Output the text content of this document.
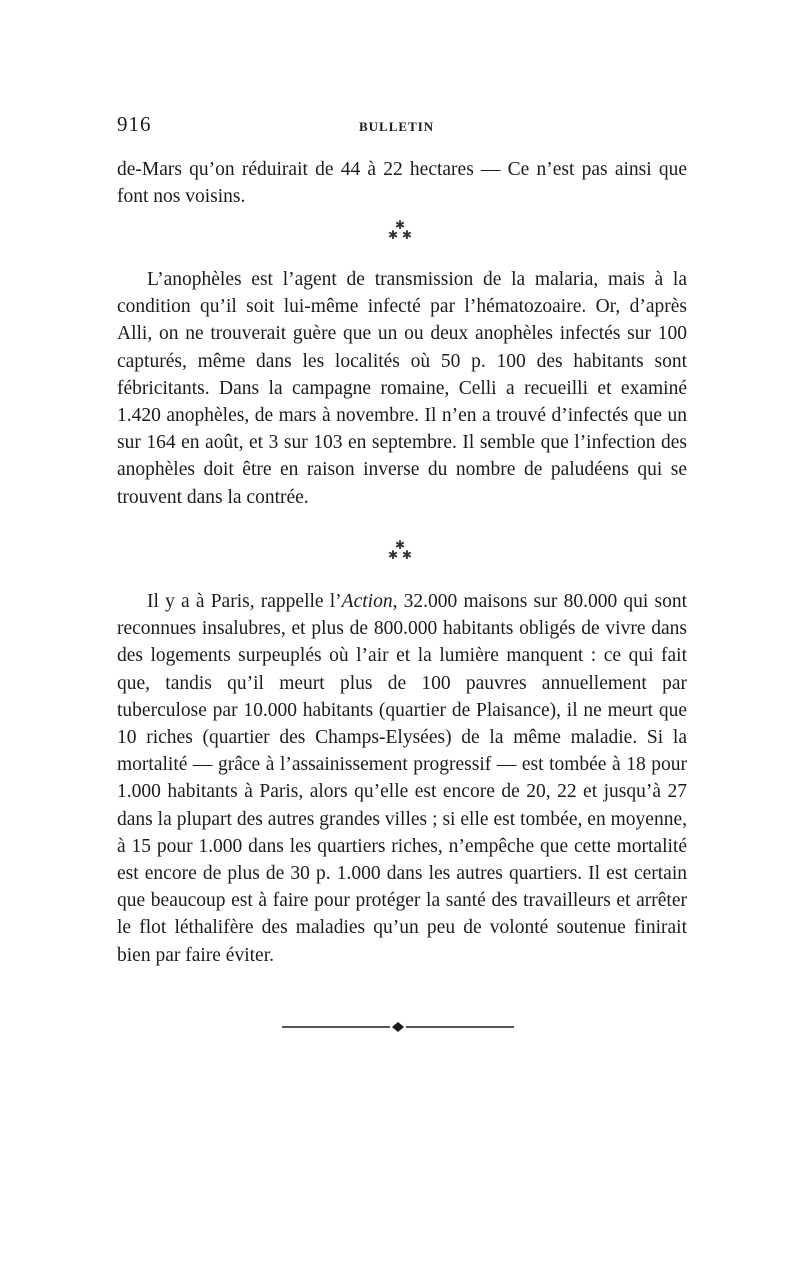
916	BULLETIN

de-Mars qu’on réduirait de 44 à 22 hectares — Ce n’est pas ainsi que font nos voisins.

✱
✱ ✱

L’anophèles est l’agent de transmission de la malaria, mais à la condition qu’il soit lui-même infecté par l’hématozoaire. Or, d’après Alli, on ne trouverait guère que un ou deux anophèles infectés sur 100 capturés, même dans les localités où 50 p. 100 des habitants sont fébricitants. Dans la campagne romaine, Celli a recueilli et examiné 1.420 anophèles, de mars à novembre. Il n’en a trouvé d’infectés que un sur 164 en août, et 3 sur 103 en septembre. Il semble que l’infection des anophèles doit être en raison inverse du nombre de paludéens qui se trouvent dans la contrée.

✱
✱ ✱

Il y a à Paris, rappelle l’Action, 32.000 maisons sur 80.000 qui sont reconnues insalubres, et plus de 800.000 habitants obligés de vivre dans des logements surpeuplés où l’air et la lumière manquent : ce qui fait que, tandis qu’il meurt plus de 100 pauvres annuellement par tuberculose par 10.000 habitants (quartier de Plaisance), il ne meurt que 10 riches (quartier des Champs-Elysées) de la même maladie. Si la mortalité — grâce à l’assainissement progressif — est tombée à 18 pour 1.000 habitants à Paris, alors qu’elle est encore de 20, 22 et jusqu’à 27 dans la plupart des autres grandes villes ; si elle est tombée, en moyenne, à 15 pour 1.000 dans les quartiers riches, n’empêche que cette mortalité est encore de plus de 30 p. 1.000 dans les autres quartiers. Il est certain que beaucoup est à faire pour protéger la santé des travailleurs et arrêter le flot léthalifère des maladies qu’un peu de volonté soutenue finirait bien par faire éviter.
